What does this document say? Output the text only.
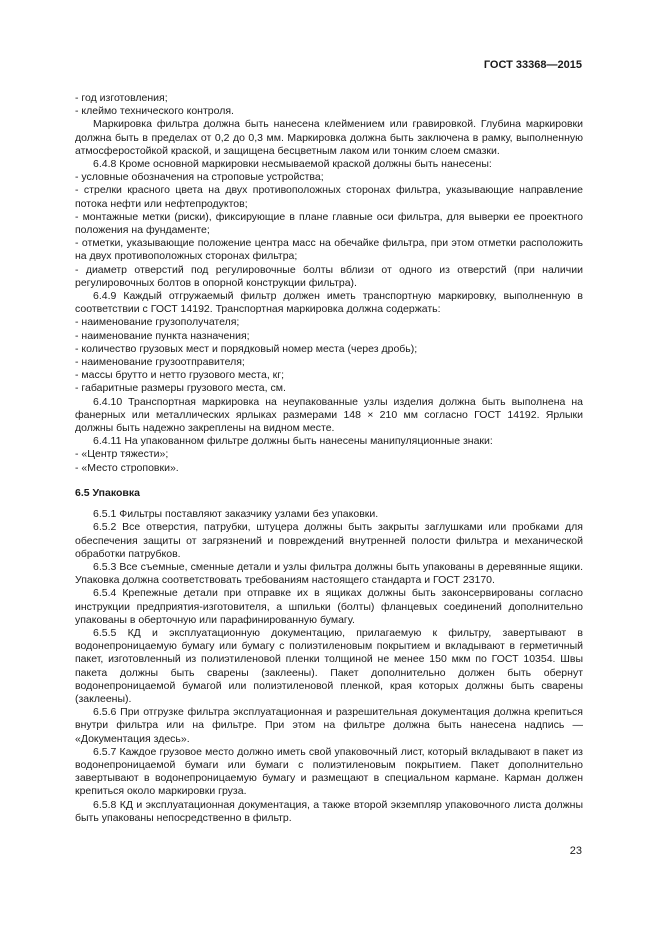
ГОСТ 33368—2015

- год изготовления;

- клеймо технического контроля.

Маркировка фильтра должна быть нанесена клеймением или гравировкой. Глубина маркировки должна быть в пределах от 0,2 до 0,3 мм. Маркировка должна быть заключена в рамку, выполненную атмосферостойкой краской, и защищена бесцветным лаком или тонким слоем смазки.

6.4.8 Кроме основной маркировки несмываемой краской должны быть нанесены:

- условные обозначения на строповые устройства;

- стрелки красного цвета на двух противоположных сторонах фильтра, указывающие направление потока нефти или нефтепродуктов;

- монтажные метки (риски), фиксирующие в плане главные оси фильтра, для выверки ее проектного положения на фундаменте;

- отметки, указывающие положение центра масс на обечайке фильтра, при этом отметки расположить на двух противоположных сторонах фильтра;

- диаметр отверстий под регулировочные болты вблизи от одного из отверстий (при наличии регулировочных болтов в опорной конструкции фильтра).

6.4.9 Каждый отгружаемый фильтр должен иметь транспортную маркировку, выполненную в соответствии с ГОСТ 14192. Транспортная маркировка должна содержать:

- наименование грузополучателя;

- наименование пункта назначения;

- количество грузовых мест и порядковый номер места (через дробь);

- наименование грузоотправителя;

- массы брутто и нетто грузового места, кг;

- габаритные размеры грузового места, см.

6.4.10 Транспортная маркировка на неупакованные узлы изделия должна быть выполнена на фанерных или металлических ярлыках размерами 148 × 210 мм согласно ГОСТ 14192. Ярлыки должны быть надежно закреплены на видном месте.

6.4.11 На упакованном фильтре должны быть нанесены манипуляционные знаки:

- «Центр тяжести»;

- «Место строповки».

6.5 Упаковка

6.5.1 Фильтры поставляют заказчику узлами без упаковки.

6.5.2 Все отверстия, патрубки, штуцера должны быть закрыты заглушками или пробками для обеспечения защиты от загрязнений и повреждений внутренней полости фильтра и механической обработки патрубков.

6.5.3 Все съемные, сменные детали и узлы фильтра должны быть упакованы в деревянные ящики. Упаковка должна соответствовать требованиям настоящего стандарта и ГОСТ 23170.

6.5.4 Крепежные детали при отправке их в ящиках должны быть законсервированы согласно инструкции предприятия-изготовителя, а шпильки (болты) фланцевых соединений дополнительно упакованы в оберточную или парафинированную бумагу.

6.5.5 КД и эксплуатационную документацию, прилагаемую к фильтру, завертывают в водонепроницаемую бумагу или бумагу с полиэтиленовым покрытием и вкладывают в герметичный пакет, изготовленный из полиэтиленовой пленки толщиной не менее 150 мкм по ГОСТ 10354. Швы пакета должны быть сварены (заклеены). Пакет дополнительно должен быть обернут водонепроницаемой бумагой или полиэтиленовой пленкой, края которых должны быть сварены (заклеены).

6.5.6 При отгрузке фильтра эксплуатационная и разрешительная документация должна крепиться внутри фильтра или на фильтре. При этом на фильтре должна быть нанесена надпись — «Документация здесь».

6.5.7 Каждое грузовое место должно иметь свой упаковочный лист, который вкладывают в пакет из водонепроницаемой бумаги или бумаги с полиэтиленовым покрытием. Пакет дополнительно завертывают в водонепроницаемую бумагу и размещают в специальном кармане. Карман должен крепиться около маркировки груза.

6.5.8 КД и эксплуатационная документация, а также второй экземпляр упаковочного листа должны быть упакованы непосредственно в фильтр.

23
